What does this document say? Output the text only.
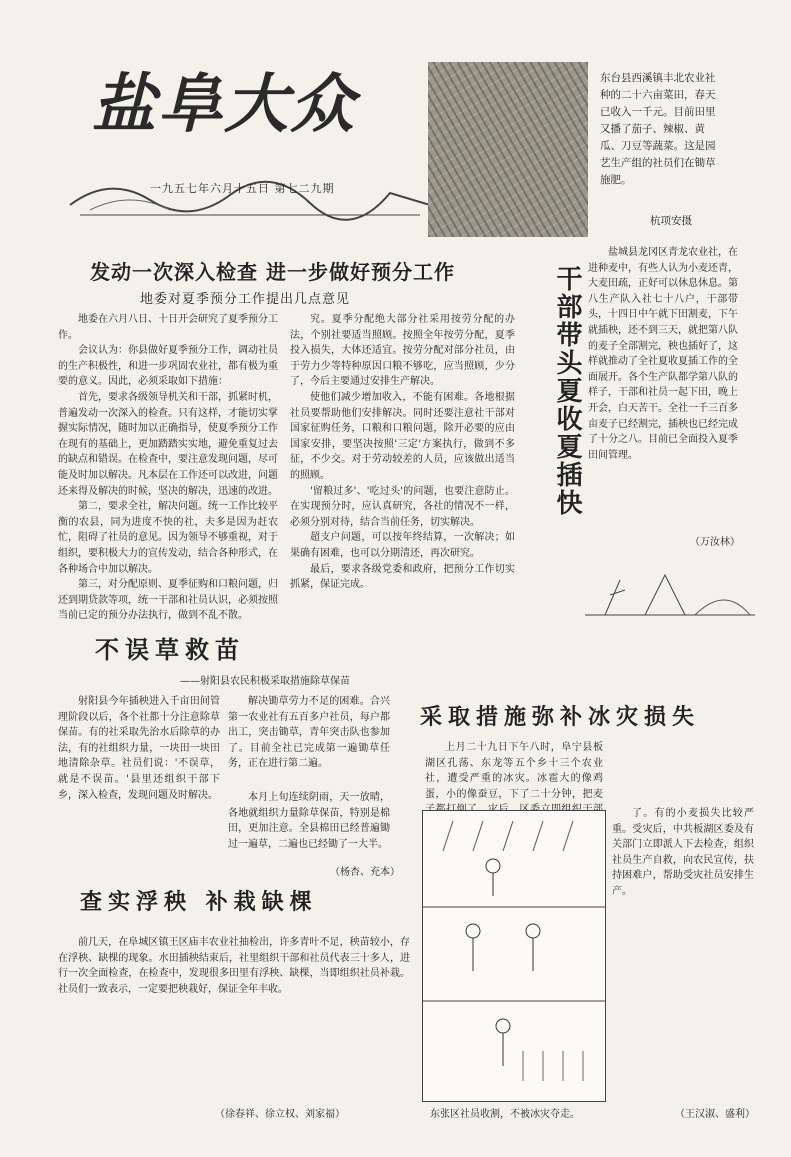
盐阜大众
一九五七年六月十五日 第七二九期
东台县西溪镇丰北农业社种的二十六亩菜田，春天已收入一千元。目前田里又播了茄子、辣椒、黄瓜、刀豆等蔬菜。这是园艺生产组的社员们在锄草施肥。
杭项安摄
发动一次深入检查 进一步做好预分工作
地委对夏季预分工作提出几点意见

地委在六月八日、十日开会研究了夏季预分工作。

会议认为：你县做好夏季预分工作，调动社员的生产积极性，和进一步巩固农业社，都有极为重要的意义。因此，必须采取如下措施：

首先，要求各级领导机关和干部，抓紧时机，普遍发动一次深入的检查。只有这样，才能切实掌握实际情况，随时加以正确指导，使夏季预分工作在现有的基础上，更加踏踏实实地，避免重复过去的缺点和错误。在检查中，要注意发现问题，尽可能及时加以解决。凡本层在工作还可以改进，问题还来得及解决的时候，坚决的解决，迅速的改进。

第二，要求全社，解决问题。统一工作比较平衡的农县，同为进度不快的社，夫多是因为赶农忙，阻碍了社员的意见。因为领导不够重视，对于组织，要积极大力的宣传发动，结合各种形式，在各种场合中加以解决。

第三，对分配原则、夏季征购和口粮问题，归还到期贷款等项，统一干部和社员认识，必须按照当前已定的预分办法执行，做到不乱不散。

究。夏季分配绝大部分社采用按劳分配的办法，个别社要适当照顾。按照全年按劳分配，夏季投入损失，大体还适宜。按劳分配对部分社员，由于劳力少等特种原因口粮不够吃，应当照顾，少分了，今后主要通过安排生产解决。

使他们减少增加收入，不能有困难。各地根据社员要帮助他们安排解决。同时还要注意社干部对国家征购任务，口粮和口粮问题，除开必要的应由国家安排，要坚决按照'三定'方案执行，做到不多征，不少交。对于劳动较差的人员，应该做出适当的照顾。

'留粮过多'、'吃过头'的问题，也要注意防止。在实现预分时，应认真研究，各社的情况不一样，必须分别对待，结合当前任务，切实解决。

超支户问题，可以按年终结算，一次解决；如果确有困难，也可以分期清还，再次研究。

最后，要求各级党委和政府，把预分工作切实抓紧，保证完成。

干部带头夏收夏插快

盐城县龙冈区青龙农业社，在进种麦中，有些人认为小麦还青，大麦田疏，正好可以休息休息。第八生产队入社七十八户，干部带头，十四日中午就下田割麦，下午就插秧，还不到三天，就把第八队的麦子全部割完，秧也插好了，这样就推动了全社夏收夏插工作的全面展开。各个生产队都学第八队的样子，干部和社员一起下田，晚上开会，白天苦干。全社一千三百多亩麦子已经割完，插秧也已经完成了十分之八。目前已全面投入夏季田间管理。

（万汝林）
不误草救苗
——射阳县农民积极采取措施除草保苗

射阳县今年插秧进入千亩田间管理阶段以后，各个社都十分注意除草保苗。有的社采取先治水后除草的办法，有的社组织力量，一块田一块田地清除杂草。社员们说：'不误草，就是不误苗。'县里还组织干部下乡，深入检查，发现问题及时解决。

解决锄草劳力不足的困难。合兴第一农业社有五百多户社员，每户都出工，突击锄草，青年突击队也参加了。目前全社已完成第一遍锄草任务，正在进行第二遍。

本月上旬连续阴雨，天一放晴，各地就组织力量除草保苗，特别是棉田，更加注意。全县棉田已经普遍锄过一遍草，二遍也已经锄了一大半。

（杨杏、充本）
采取措施弥补冰灾损失

上月二十九日下午八时，阜宁县板湖区孔荡、东龙等五个乡十三个农业社，遭受严重的冰灾。冰雹大的像鸡蛋，小的像蚕豆，下了二十分钟，把麦

了。有的小麦损失比较严重。受灾后，中共板湖区委及有关部门立即派人下去检查，组织社员生产自救，向农民宣传，扶持困难户，帮助受灾社员安排生产。

（王汉淑、盛利）
东张区社员收割，不被冰灾夺走。
查实浮秧 补栽缺棵

前几天，在阜城区镇王区庙丰农业社抽检出，许多青叶不足，秧苗较小，存在浮秧、缺棵的现象。水田插秧结束后，社里组织干部和社员代表三十多人，进行一次全面检查，在检查中，发现很多田里有浮秧、缺棵，当即组织社员补栽。社员们一致表示，一定要把秧栽好，保证全年丰收。

（徐春祥、徐立权、刘家福）
